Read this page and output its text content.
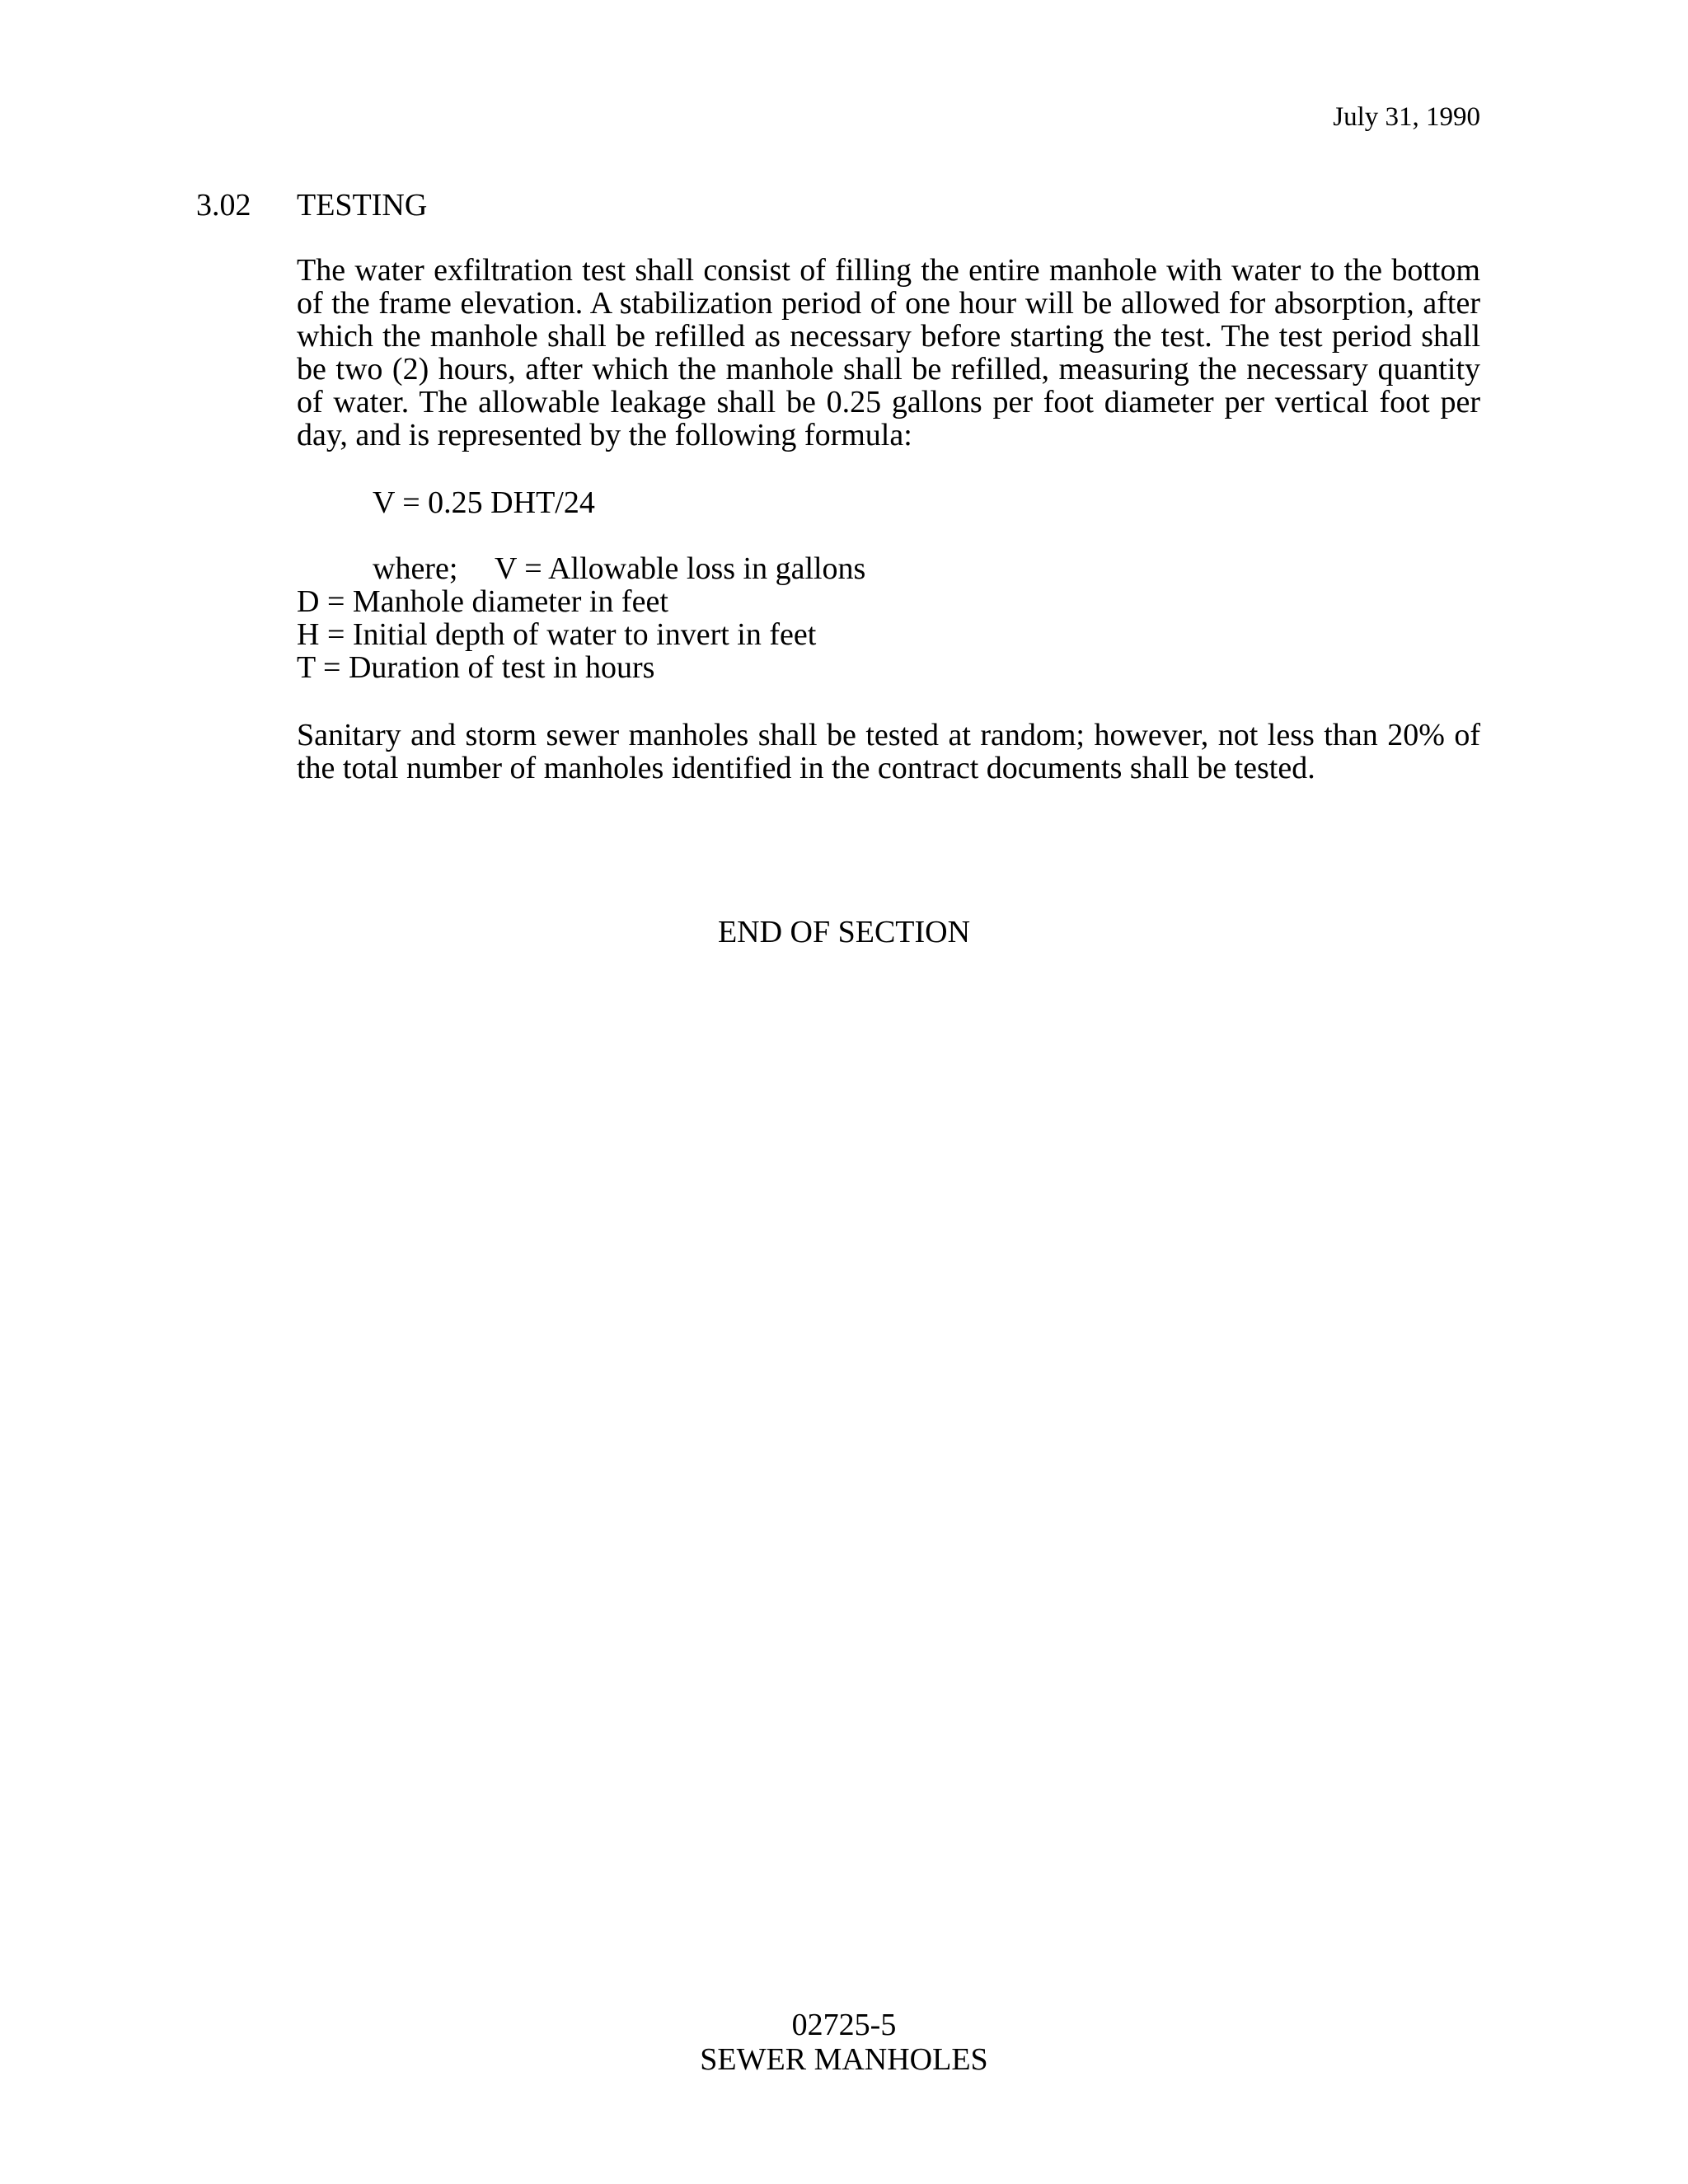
July 31, 1990
3.02 TESTING
The water exfiltration test shall consist of filling the entire manhole with water to the bottom of the frame elevation. A stabilization period of one hour will be allowed for absorption, after which the manhole shall be refilled as necessary before starting the test. The test period shall be two (2) hours, after which the manhole shall be refilled, measuring the necessary quantity of water. The allowable leakage shall be 0.25 gallons per foot diameter per vertical foot per day, and is represented by the following formula:
V = 0.25 DHT/24
where; V = Allowable loss in gallons
D = Manhole diameter in feet
H = Initial depth of water to invert in feet
T = Duration of test in hours
Sanitary and storm sewer manholes shall be tested at random; however, not less than 20% of the total number of manholes identified in the contract documents shall be tested.
END OF SECTION
02725-5
SEWER MANHOLES
